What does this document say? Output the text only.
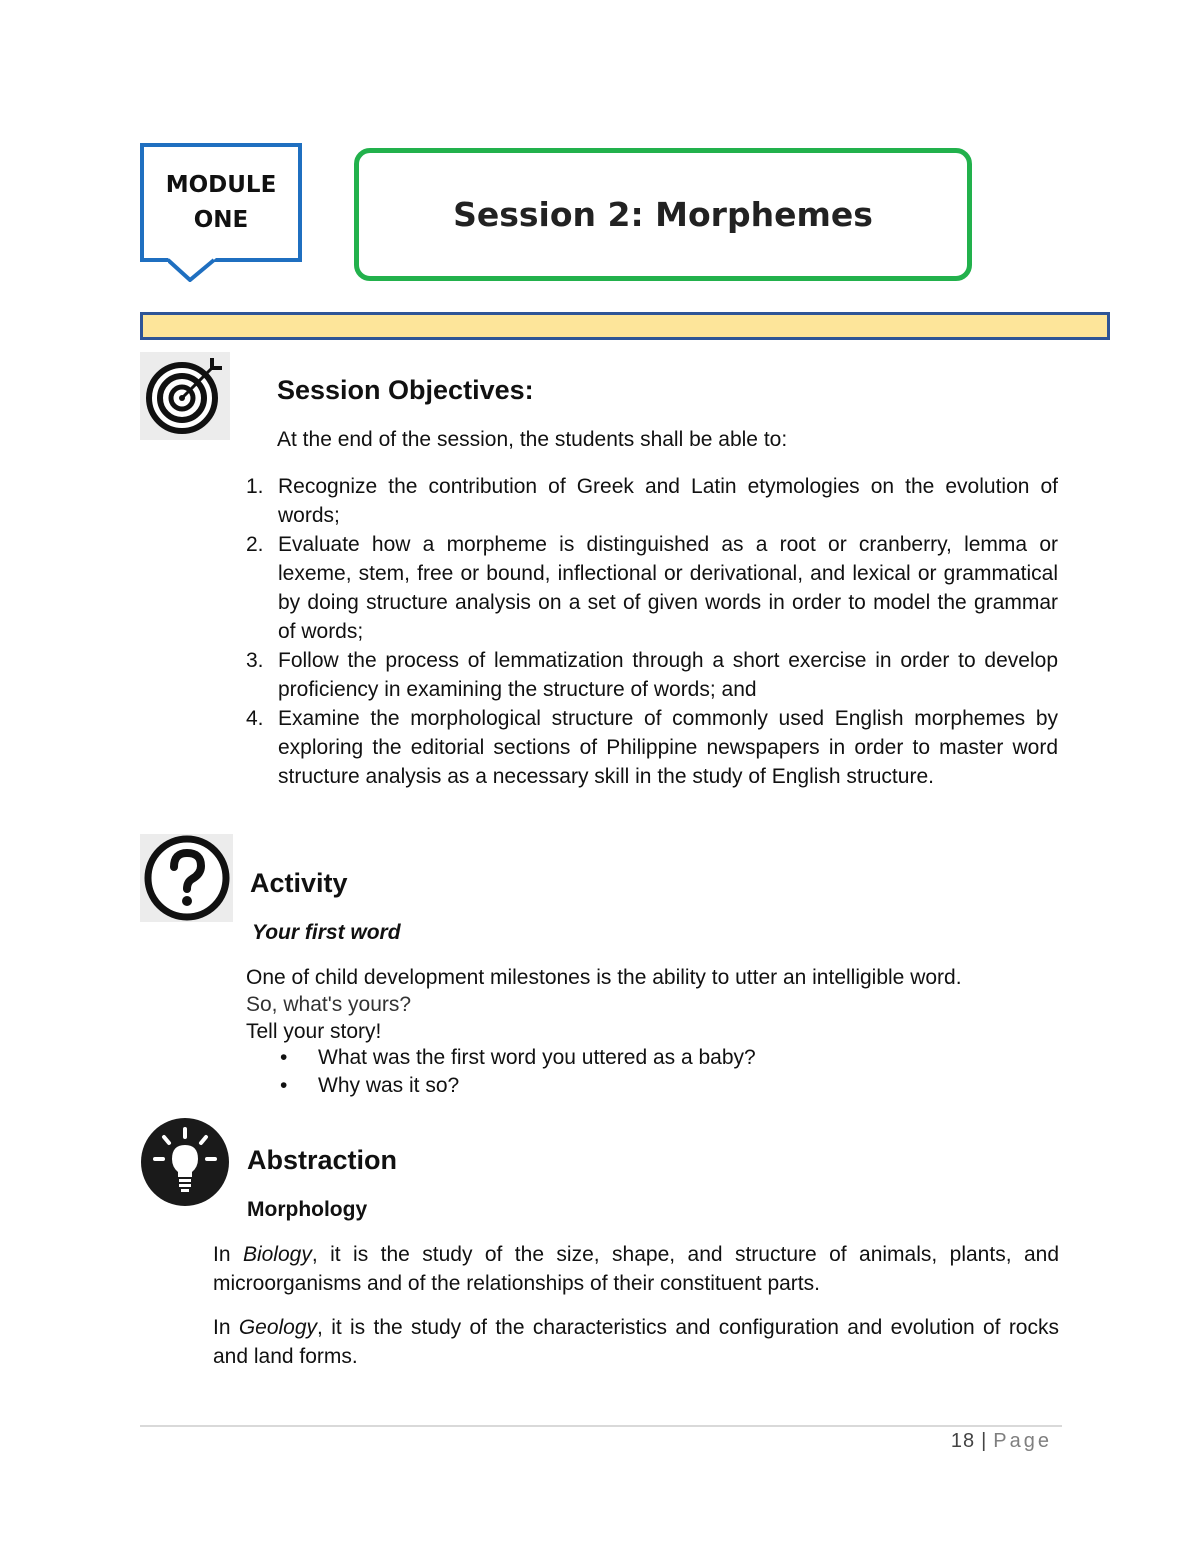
MODULE
ONE	Session 2: Morphemes
Session Objectives:
At the end of the session, the students shall be able to:
1. Recognize the contribution of Greek and Latin etymologies on the evolution of words;
2. Evaluate how a morpheme is distinguished as a root or cranberry, lemma or lexeme, stem, free or bound, inflectional or derivational, and lexical or grammatical by doing structure analysis on a set of given words in order to model the grammar of words;
3. Follow the process of lemmatization through a short exercise in order to develop proficiency in examining the structure of words; and
4. Examine the morphological structure of commonly used English morphemes by exploring the editorial sections of Philippine newspapers in order to master word structure analysis as a necessary skill in the study of English structure.
Activity
Your first word
One of child development milestones is the ability to utter an intelligible word.
So, what's yours?
Tell your story!
•	What was the first word you uttered as a baby?
•	Why was it so?
Abstraction
Morphology
In Biology, it is the study of the size, shape, and structure of animals, plants, and microorganisms and of the relationships of their constituent parts.
In Geology, it is the study of the characteristics and configuration and evolution of rocks and land forms.
18 | Page
